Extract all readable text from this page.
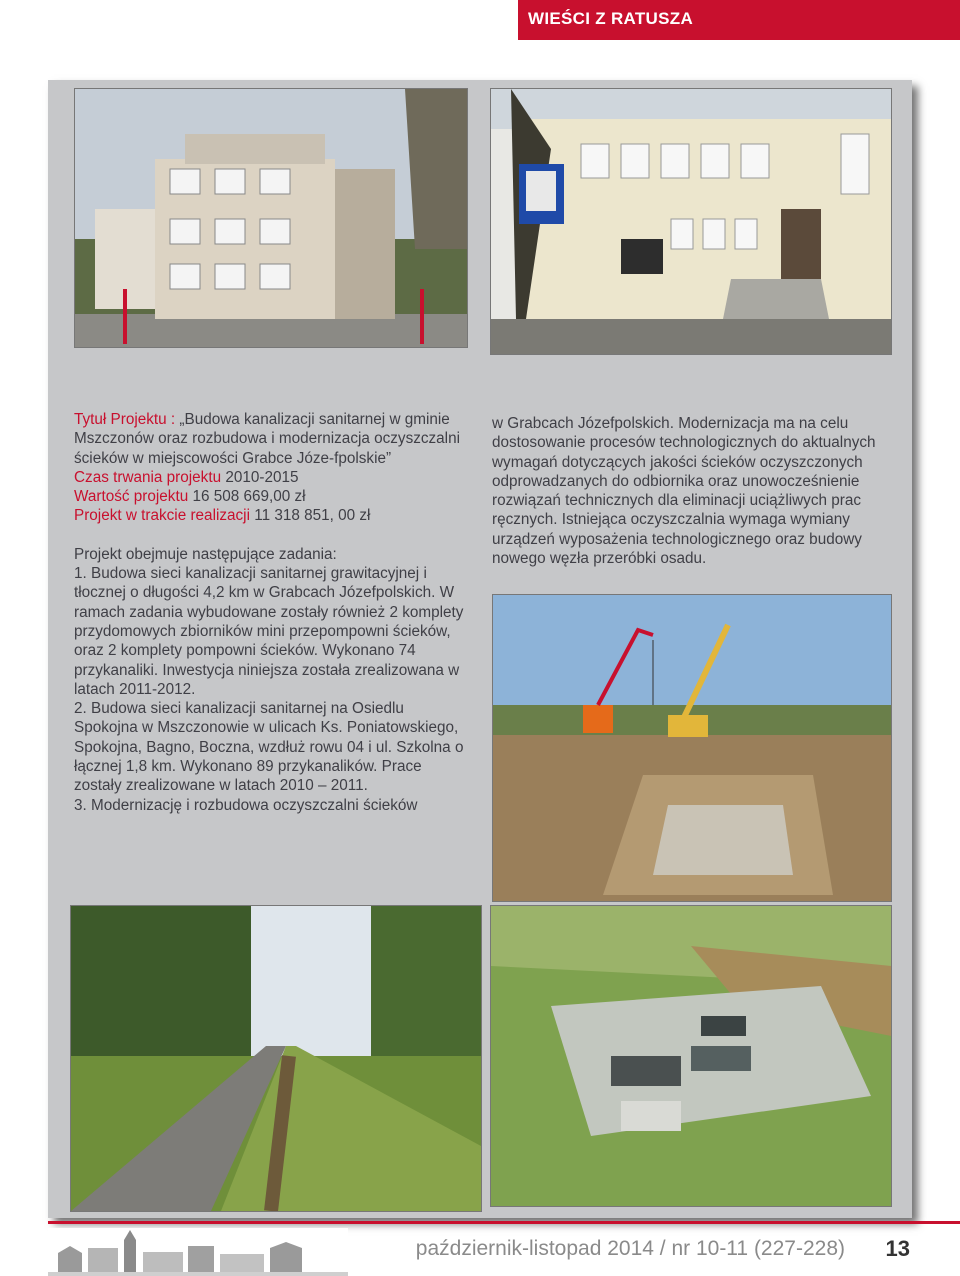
WIEŚCI Z RATUSZA

Tytuł Projektu : „Budowa kanalizacji sanitarnej w gminie Mszczonów oraz rozbudowa i modernizacja oczyszczalni ścieków w miejscowości Grabce Józe-fpolskie”

Czas trwania projektu 2010-2015

Wartość projektu 16 508 669,00 zł

Projekt w trakcie realizacji 11 318 851, 00 zł

Projekt obejmuje następujące zadania:

1. Budowa sieci kanalizacji sanitarnej grawitacyjnej i tłocznej o długości 4,2 km w Grabcach Józefpolskich. W ramach zadania wybudowane zostały również 2 komplety przydomowych zbiorników mini przepompowni ścieków, oraz 2 komplety pompowni ścieków. Wykonano 74 przykanaliki. Inwestycja niniejsza została zrealizowana w latach 2011-2012.

2. Budowa sieci kanalizacji sanitarnej na Osiedlu Spokojna w Mszczonowie w ulicach Ks. Poniatowskiego, Spokojna, Bagno, Boczna, wzdłuż rowu 04 i ul. Szkolna o łącznej 1,8 km. Wykonano 89 przykanalików. Prace zostały zrealizowane w latach 2010 – 2011.

3. Modernizację i rozbudowa oczyszczalni ścieków

w Grabcach Józefpolskich. Modernizacja ma na celu dostosowanie procesów technologicznych do aktualnych wymagań dotyczących jakości ścieków oczyszczonych odprowadzanych do odbiornika oraz unowocześnienie rozwiązań technicznych dla eliminacji uciążliwych prac ręcznych. Istniejąca oczyszczalnia wymaga wymiany urządzeń wyposażenia technologicznego oraz budowy nowego węzła przeróbki osadu.

październik-listopad 2014 / nr 10-11 (227-228) 13
